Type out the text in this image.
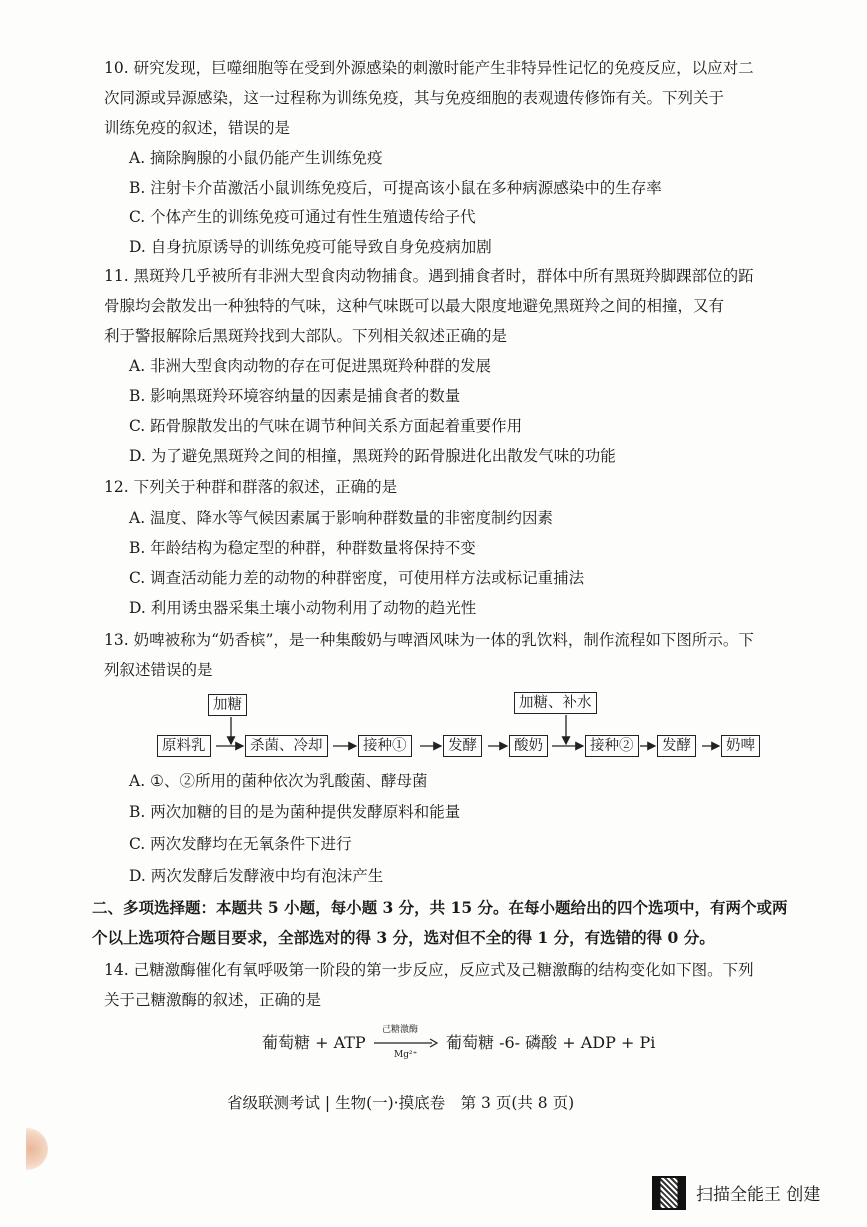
10. 研究发现，巨噬细胞等在受到外源感染的刺激时能产生非特异性记忆的免疫反应，以应对二
次同源或异源感染，这一过程称为训练免疫，其与免疫细胞的表观遗传修饰有关。下列关于
训练免疫的叙述，错误的是
A. 摘除胸腺的小鼠仍能产生训练免疫
B. 注射卡介苗激活小鼠训练免疫后，可提高该小鼠在多种病源感染中的生存率
C. 个体产生的训练免疫可通过有性生殖遗传给子代
D. 自身抗原诱导的训练免疫可能导致自身免疫病加剧
11. 黑斑羚几乎被所有非洲大型食肉动物捕食。遇到捕食者时，群体中所有黑斑羚脚踝部位的跖
骨腺均会散发出一种独特的气味，这种气味既可以最大限度地避免黑斑羚之间的相撞，又有
利于警报解除后黑斑羚找到大部队。下列相关叙述正确的是
A. 非洲大型食肉动物的存在可促进黑斑羚种群的发展
B. 影响黑斑羚环境容纳量的因素是捕食者的数量
C. 跖骨腺散发出的气味在调节种间关系方面起着重要作用
D. 为了避免黑斑羚之间的相撞，黑斑羚的跖骨腺进化出散发气味的功能
12. 下列关于种群和群落的叙述，正确的是
A. 温度、降水等气候因素属于影响种群数量的非密度制约因素
B. 年龄结构为稳定型的种群，种群数量将保持不变
C. 调查活动能力差的动物的种群密度，可使用样方法或标记重捕法
D. 利用诱虫器采集土壤小动物利用了动物的趋光性
13. 奶啤被称为“奶香槟”，是一种集酸奶与啤酒风味为一体的乳饮料，制作流程如下图所示。下
列叙述错误的是
加糖	加糖、补水
原料乳	杀菌、冷却	接种①	发酵	酸奶	接种②	发酵	奶啤
A. ①、②所用的菌种依次为乳酸菌、酵母菌
B. 两次加糖的目的是为菌种提供发酵原料和能量
C. 两次发酵均在无氧条件下进行
D. 两次发酵后发酵液中均有泡沫产生
二、多项选择题：本题共 5 小题，每小题 3 分，共 15 分。在每小题给出的四个选项中，有两个或两
个以上选项符合题目要求，全部选对的得 3 分，选对但不全的得 1 分，有选错的得 0 分。
14. 己糖激酶催化有氧呼吸第一阶段的第一步反应，反应式及己糖激酶的结构变化如下图。下列
关于己糖激酶的叙述，正确的是
葡萄糖 + ATP
己糖激酶
Mg²⁺
葡萄糖 -6- 磷酸 + ADP + Pi
省级联测考试 | 生物(一)·摸底卷　第 3 页(共 8 页)
扫描全能王 创建
